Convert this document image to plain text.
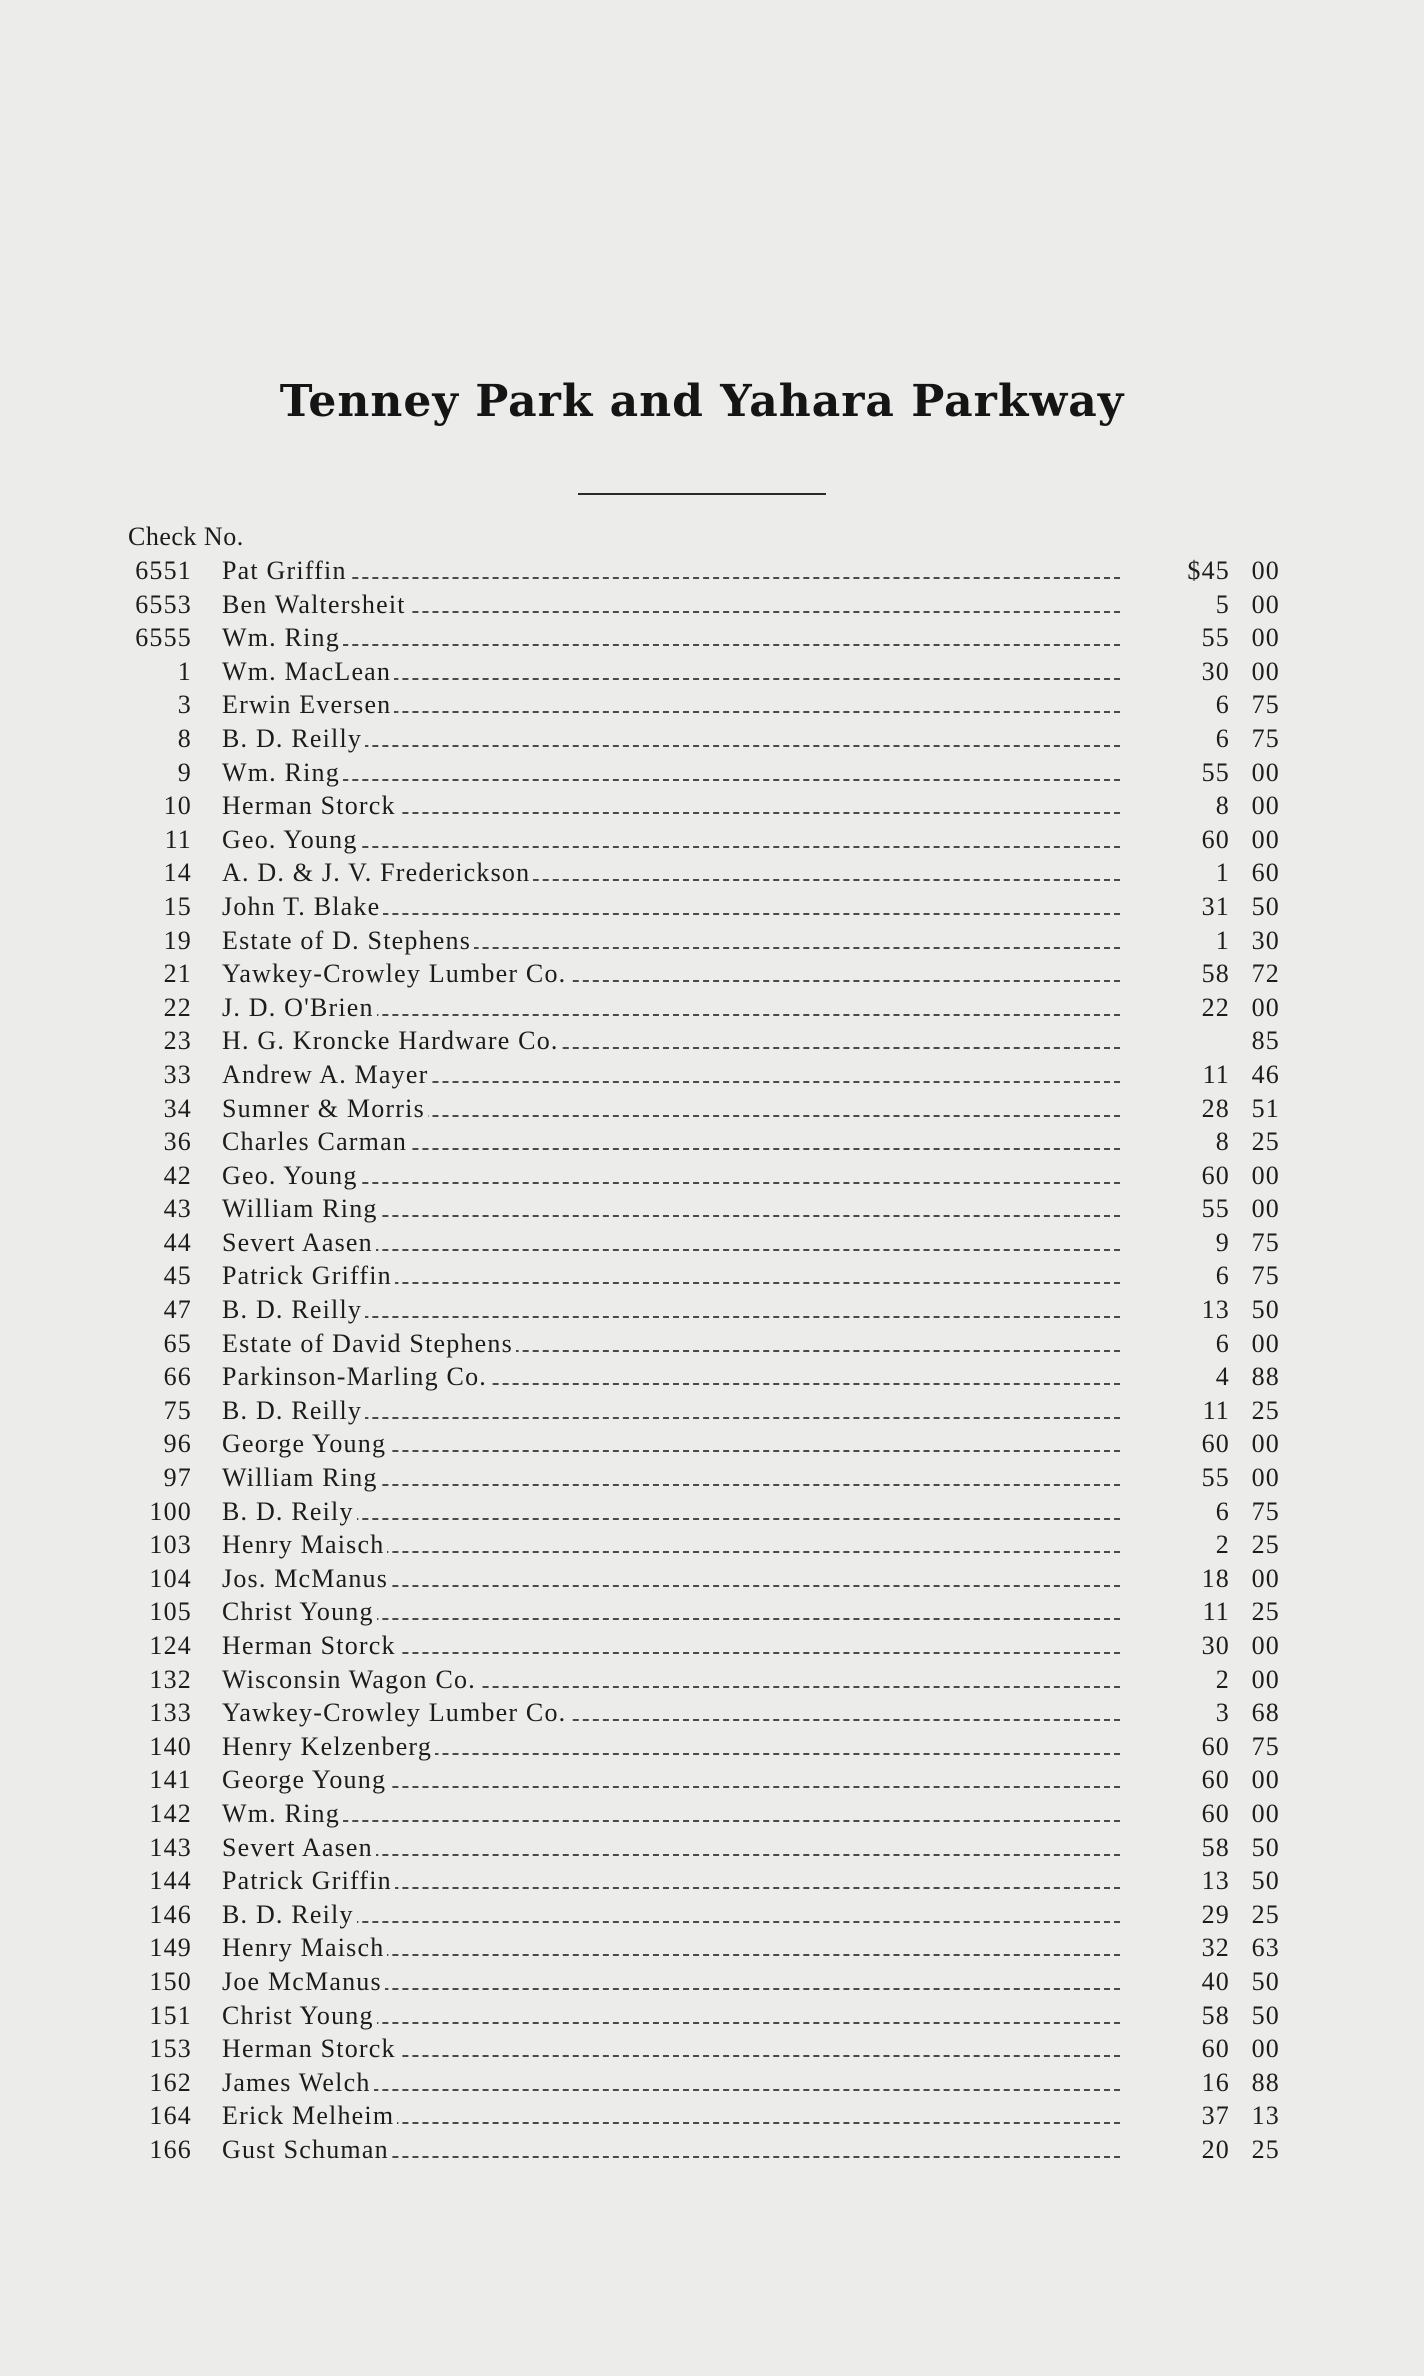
Tenney Park and Yahara Parkway
Check No.
6551 Pat Griffin	$45 00
6553 Ben Waltersheit	5 00
6555 Wm. Ring	55 00
1 Wm. MacLean	30 00
3 Erwin Eversen	6 75
8 B. D. Reilly	6 75
9 Wm. Ring	55 00
10 Herman Storck	8 00
11 Geo. Young	60 00
14 A. D. & J. V. Frederickson	1 60
15 John T. Blake	31 50
19 Estate of D. Stephens	1 30
21 Yawkey-Crowley Lumber Co.	58 72
22 J. D. O'Brien	22 00
23 H. G. Kroncke Hardware Co.	85
33 Andrew A. Mayer	11 46
34 Sumner & Morris	28 51
36 Charles Carman	8 25
42 Geo. Young	60 00
43 William Ring	55 00
44 Severt Aasen	9 75
45 Patrick Griffin	6 75
47 B. D. Reilly	13 50
65 Estate of David Stephens	6 00
66 Parkinson-Marling Co.	4 88
75 B. D. Reilly	11 25
96 George Young	60 00
97 William Ring	55 00
100 B. D. Reily	6 75
103 Henry Maisch	2 25
104 Jos. McManus	18 00
105 Christ Young	11 25
124 Herman Storck	30 00
132 Wisconsin Wagon Co.	2 00
133 Yawkey-Crowley Lumber Co.	3 68
140 Henry Kelzenberg	60 75
141 George Young	60 00
142 Wm. Ring	60 00
143 Severt Aasen	58 50
144 Patrick Griffin	13 50
146 B. D. Reily	29 25
149 Henry Maisch	32 63
150 Joe McManus	40 50
151 Christ Young	58 50
153 Herman Storck	60 00
162 James Welch	16 88
164 Erick Melheim	37 13
166 Gust Schuman	20 25
